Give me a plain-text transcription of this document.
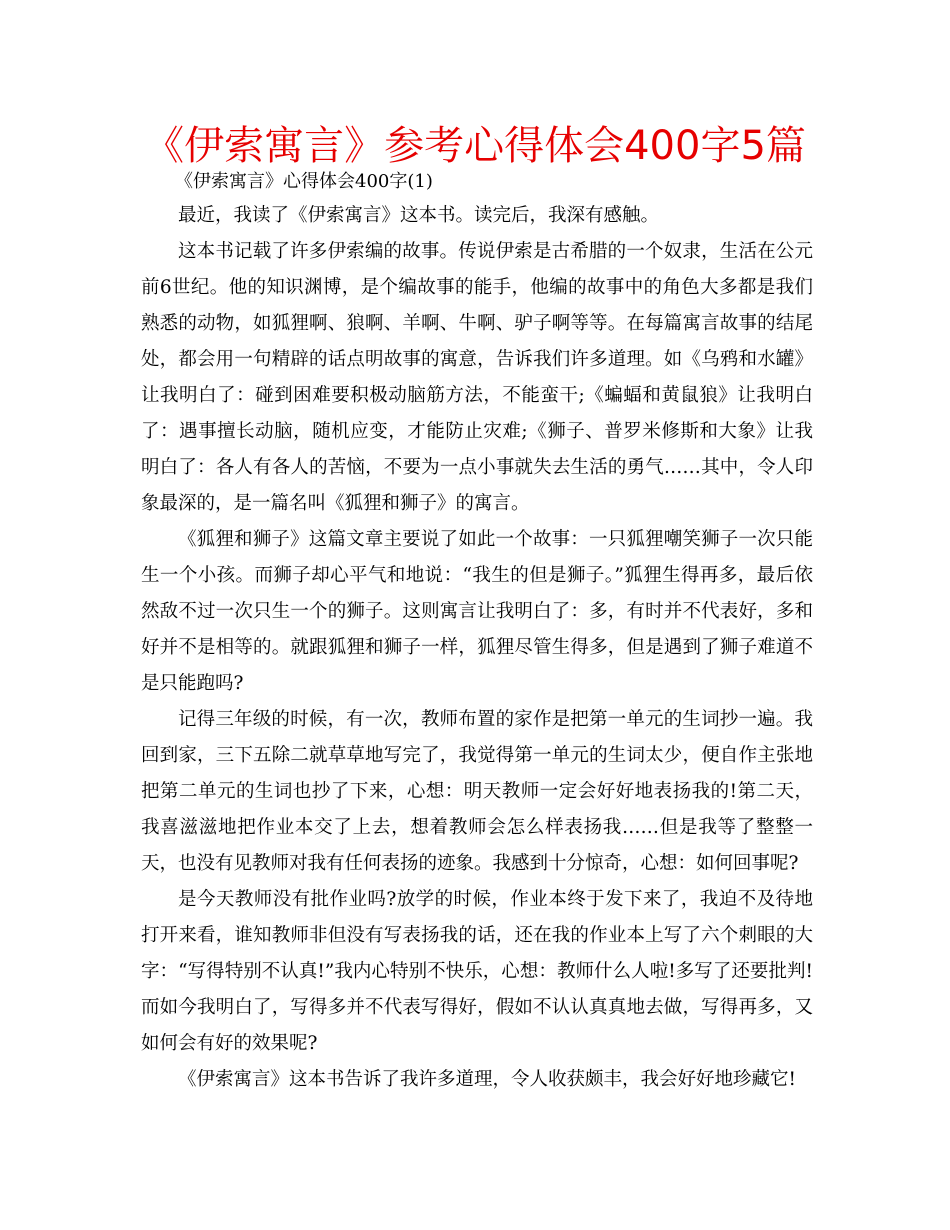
《伊索寓言》参考心得体会400字5篇
《伊索寓言》心得体会400字(1)

最近，我读了《伊索寓言》这本书。读完后，我深有感触。

这本书记载了许多伊索编的故事。传说伊索是古希腊的一个奴隶，生活在公元前6世纪。他的知识渊博，是个编故事的能手，他编的故事中的角色大多都是我们熟悉的动物，如狐狸啊、狼啊、羊啊、牛啊、驴子啊等等。在每篇寓言故事的结尾处，都会用一句精辟的话点明故事的寓意，告诉我们许多道理。如《乌鸦和水罐》让我明白了：碰到困难要积极动脑筋方法，不能蛮干;《蝙蝠和黄鼠狼》让我明白了：遇事擅长动脑，随机应变，才能防止灾难;《狮子、普罗米修斯和大象》让我明白了：各人有各人的苦恼，不要为一点小事就失去生活的勇气……其中，令人印象最深的，是一篇名叫《狐狸和狮子》的寓言。

《狐狸和狮子》这篇文章主要说了如此一个故事：一只狐狸嘲笑狮子一次只能生一个小孩。而狮子却心平气和地说：“我生的但是狮子。”狐狸生得再多，最后依然敌不过一次只生一个的狮子。这则寓言让我明白了：多，有时并不代表好，多和好并不是相等的。就跟狐狸和狮子一样，狐狸尽管生得多，但是遇到了狮子难道不是只能跑吗?

记得三年级的时候，有一次，教师布置的家作是把第一单元的生词抄一遍。我回到家，三下五除二就草草地写完了，我觉得第一单元的生词太少，便自作主张地把第二单元的生词也抄了下来，心想：明天教师一定会好好地表扬我的!第二天，我喜滋滋地把作业本交了上去，想着教师会怎么样表扬我……但是我等了整整一天，也没有见教师对我有任何表扬的迹象。我感到十分惊奇，心想：如何回事呢?

是今天教师没有批作业吗?放学的时候，作业本终于发下来了，我迫不及待地打开来看，谁知教师非但没有写表扬我的话，还在我的作业本上写了六个刺眼的大字：“写得特别不认真!”我内心特别不快乐，心想：教师什么人啦!多写了还要批判!而如今我明白了，写得多并不代表写得好，假如不认认真真地去做，写得再多，又如何会有好的效果呢?

《伊索寓言》这本书告诉了我许多道理，令人收获颇丰，我会好好地珍藏它!
